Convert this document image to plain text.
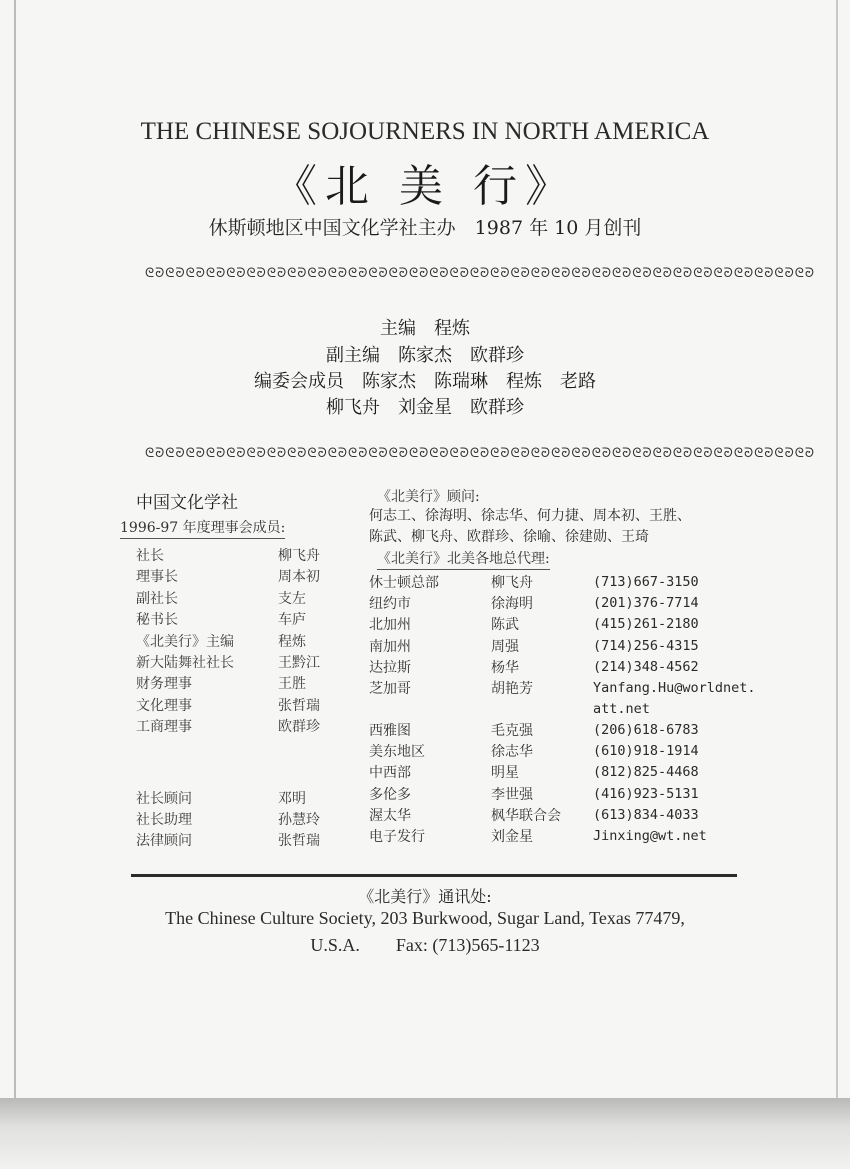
THE CHINESE SOJOURNERS IN NORTH AMERICA
《北 美 行》
休斯顿地区中国文化学社主办　1987 年 10 月创刊
ᘓᘒᘓᘒᘓᘒᘓᘒᘓᘒᘓᘒᘓᘒᘓᘒᘓᘒᘓᘒᘓᘒᘓᘒᘓᘒᘓᘒᘓᘒᘓᘒᘓᘒᘓᘒᘓᘒᘓᘒᘓᘒᘓᘒᘓᘒᘓᘒᘓᘒᘓᘒᘓᘒᘓᘒᘓᘒᘓᘒᘓᘒᘓᘒᘓᘒ
主编　程炼
副主编　陈家杰　欧群珍
编委会成员　陈家杰　陈瑞琳　程炼　老路
柳飞舟　刘金星　欧群珍
ᘓᘒᘓᘒᘓᘒᘓᘒᘓᘒᘓᘒᘓᘒᘓᘒᘓᘒᘓᘒᘓᘒᘓᘒᘓᘒᘓᘒᘓᘒᘓᘒᘓᘒᘓᘒᘓᘒᘓᘒᘓᘒᘓᘒᘓᘒᘓᘒᘓᘒᘓᘒᘓᘒᘓᘒᘓᘒᘓᘒᘓᘒᘓᘒᘓᘒ
中国文化学社
1996-97 年度理事会成员:
社长	柳飞舟
理事长	周本初
副社长	支左
秘书长	车庐
《北美行》主编	程炼
新大陆舞社社长	王黔江
财务理事	王胜
文化理事	张哲瑞
工商理事	欧群珍
社长顾问	邓明
社长助理	孙慧玲
法律顾问	张哲瑞
《北美行》顾问:
何志工、徐海明、徐志华、何力捷、周本初、王胜、
陈武、柳飞舟、欧群珍、徐喻、徐建勋、王琦
《北美行》北美各地总代理:
休士顿总部	柳飞舟	(713)667-3150
纽约市	徐海明	(201)376-7714
北加州	陈武	(415)261-2180
南加州	周强	(714)256-4315
达拉斯	杨华	(214)348-4562
芝加哥	胡艳芳	Yanfang.Hu@worldnet.att.net
西雅图	毛克强	(206)618-6783
美东地区	徐志华	(610)918-1914
中西部	明星	(812)825-4468
多伦多	李世强	(416)923-5131
渥太华	枫华联合会 (613)834-4033
电子发行	刘金星	Jinxing@wt.net
《北美行》通讯处:
The Chinese Culture Society, 203 Burkwood, Sugar Land, Texas 77479,
U.S.A.　　Fax: (713)565-1123
